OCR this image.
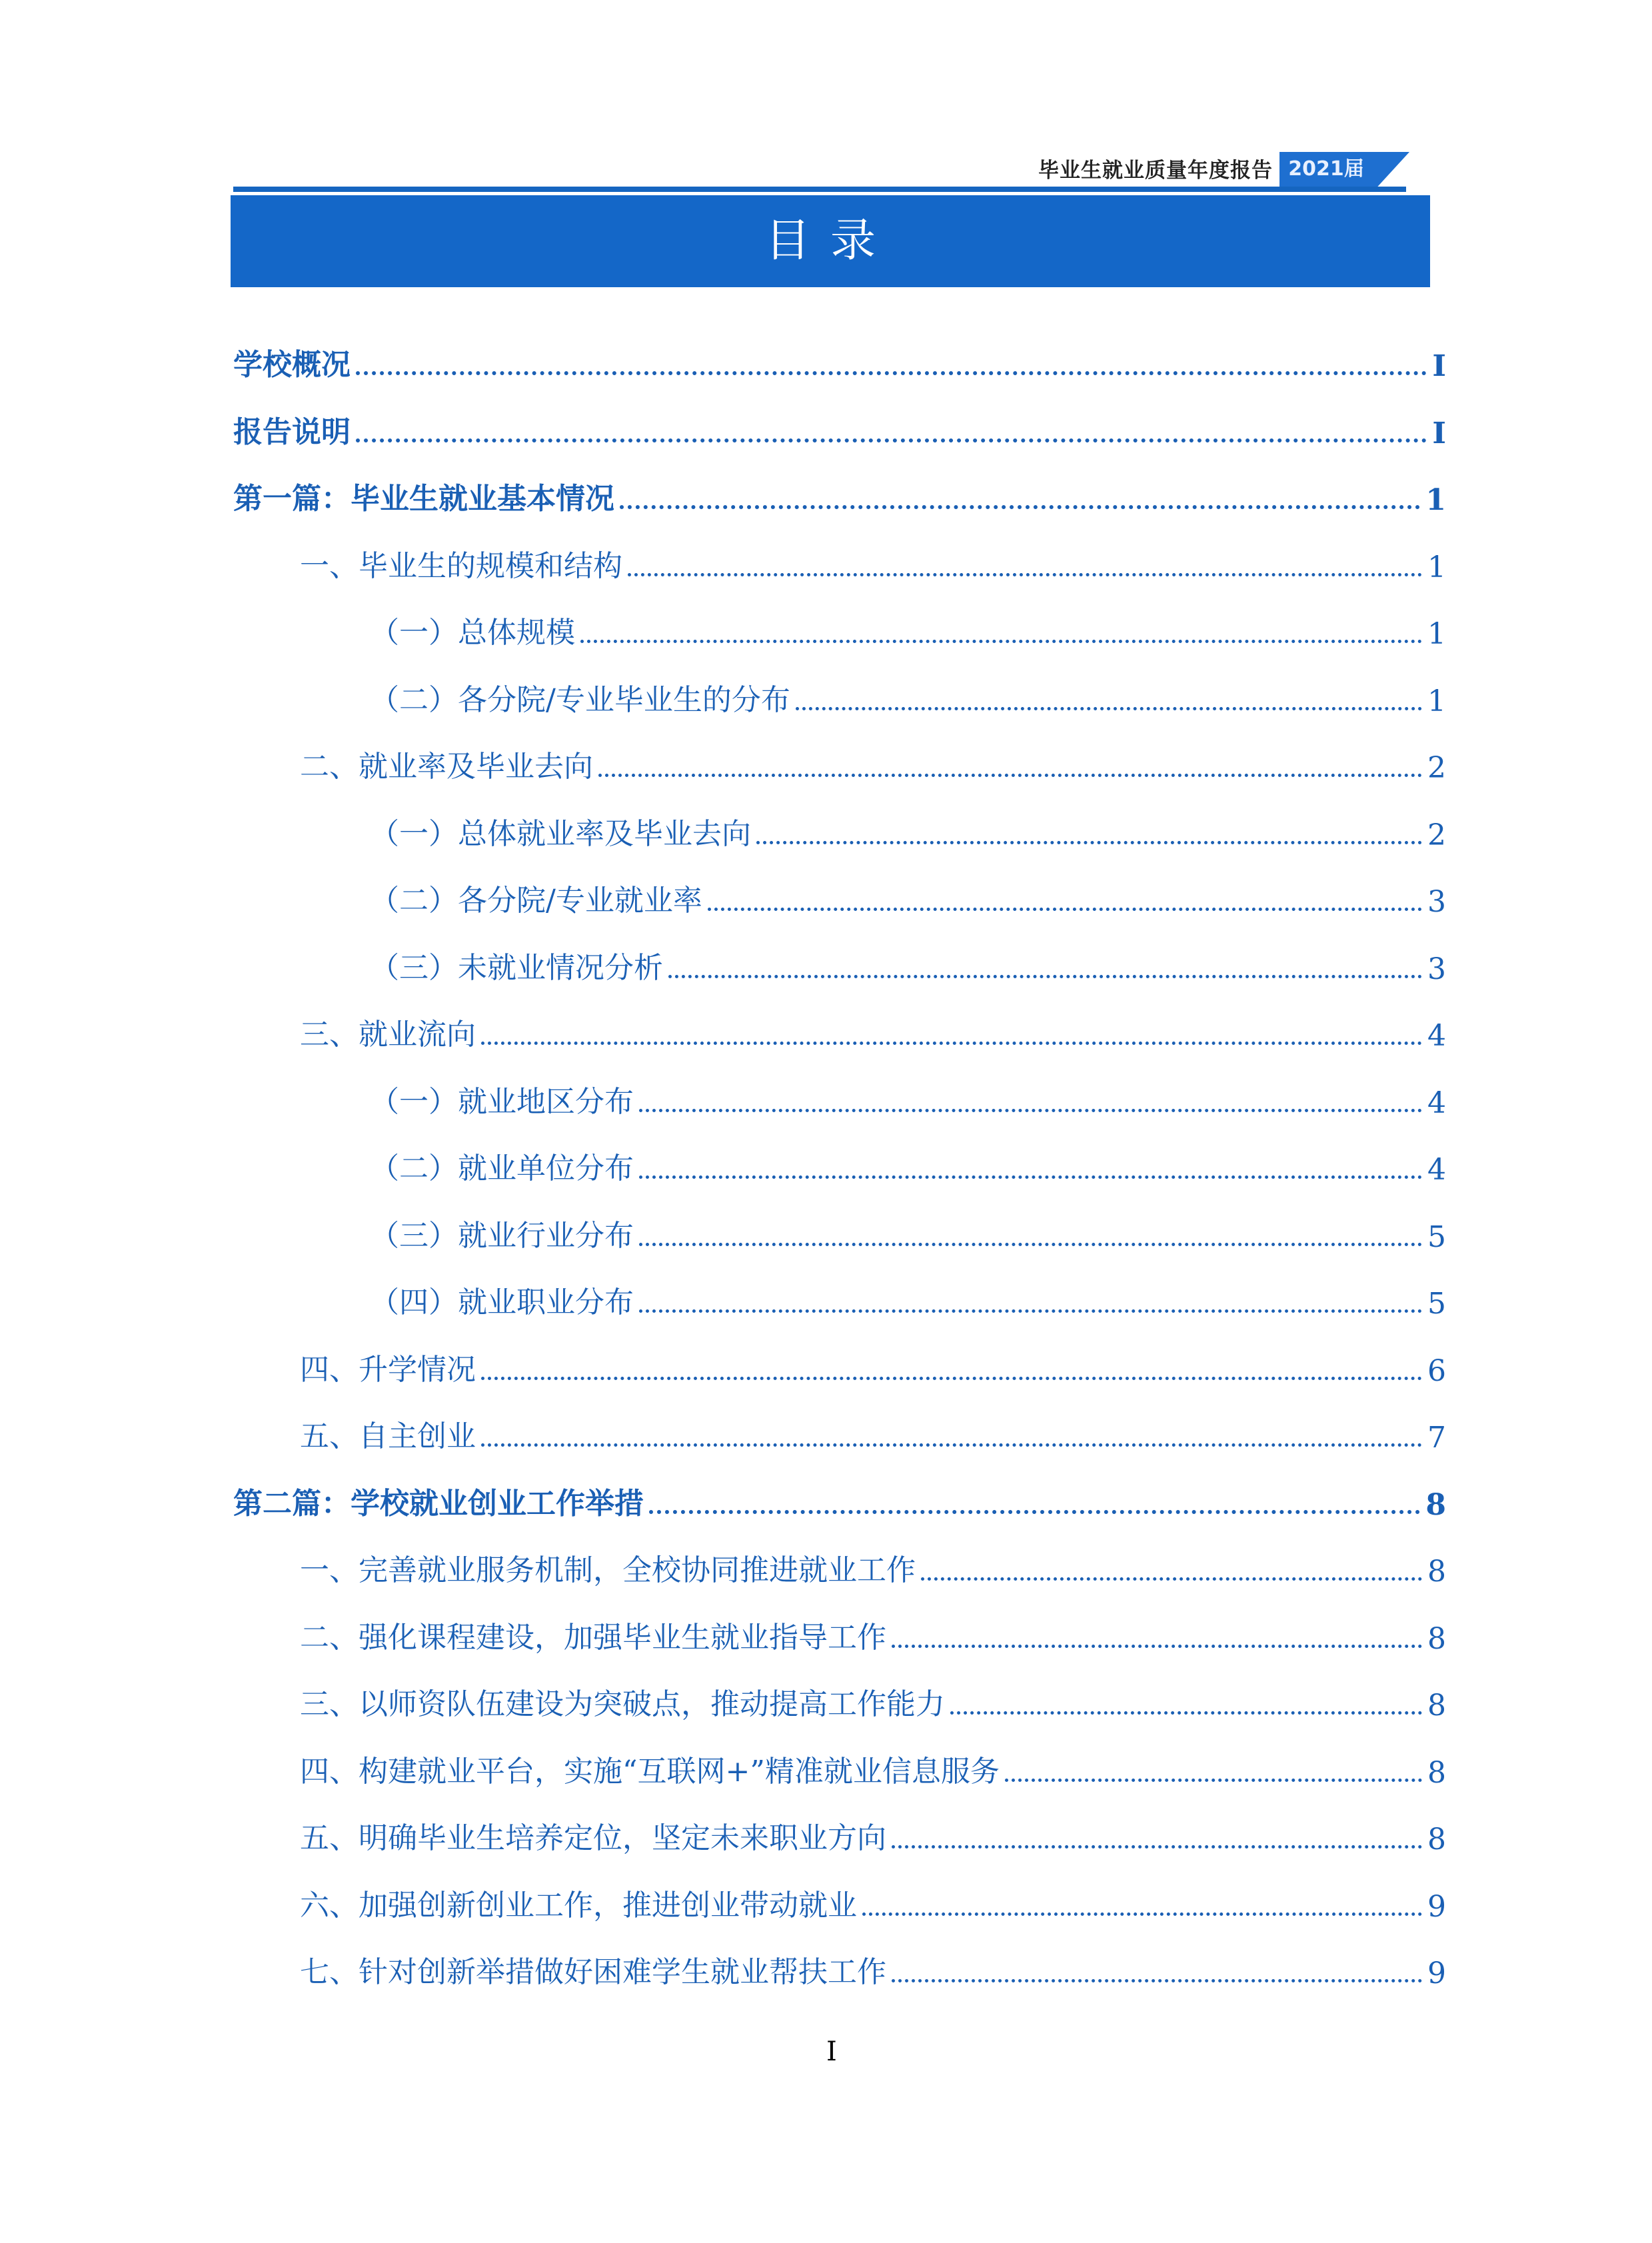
毕业生就业质量年度报告 2021届
目录
学校概况	I
报告说明	I
第一篇：毕业生就业基本情况	1
一、毕业生的规模和结构	1
（一）总体规模	1
（二）各分院/专业毕业生的分布	1
二、就业率及毕业去向	2
（一）总体就业率及毕业去向	2
（二）各分院/专业就业率	3
（三）未就业情况分析	3
三、就业流向	4
（一）就业地区分布	4
（二）就业单位分布	4
（三）就业行业分布	5
（四）就业职业分布	5
四、升学情况	6
五、自主创业	7
第二篇：学校就业创业工作举措	8
一、完善就业服务机制，全校协同推进就业工作	8
二、强化课程建设，加强毕业生就业指导工作	8
三、以师资队伍建设为突破点，推动提高工作能力	8
四、构建就业平台，实施“互联网+”精准就业信息服务	8
五、明确毕业生培养定位，坚定未来职业方向	8
六、加强创新创业工作，推进创业带动就业	9
七、针对创新举措做好困难学生就业帮扶工作	9
I
